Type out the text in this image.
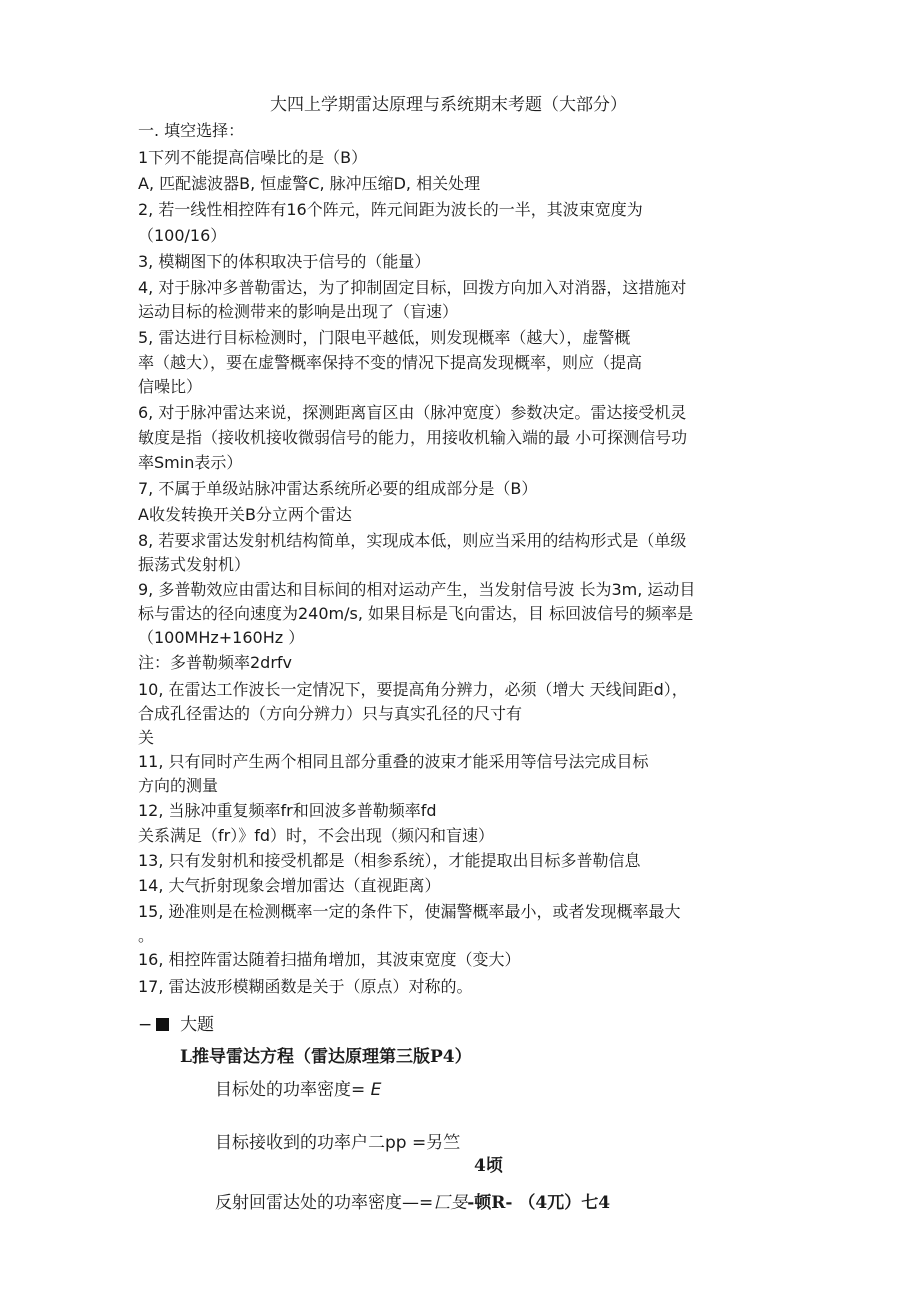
大四上学期雷达原理与系统期末考题（大部分）
一. 填空选择：
1下列不能提高信噪比的是（B）
A, 匹配滤波器B, 恒虚警C, 脉冲压缩D, 相关处理
2, 若一线性相控阵有16个阵元，阵元间距为波长的一半，其波束宽度为
（100/16）
3, 模糊图下的体积取决于信号的（能量）
4, 对于脉冲多普勒雷达，为了抑制固定目标，回拨方向加入对消器，这措施对
运动目标的检测带来的影响是出现了（盲速）
5, 雷达进行目标检测时，门限电平越低，则发现概率（越大），虚警概
率（越大），要在虚警概率保持不变的情况下提高发现概率，则应（提高
信噪比）
6, 对于脉冲雷达来说，探测距离盲区由（脉冲宽度）参数决定。雷达接受机灵
敏度是指（接收机接收微弱信号的能力，用接收机输入端的最 小可探测信号功
率Smin表示）
7, 不属于单级站脉冲雷达系统所必要的组成部分是（B）
A收发转换开关B分立两个雷达
8, 若要求雷达发射机结构简单，实现成本低，则应当采用的结构形式是（单级
振荡式发射机）
9, 多普勒效应由雷达和目标间的相对运动产生，当发射信号波 长为3m, 运动目
标与雷达的径向速度为240m/s, 如果目标是飞向雷达，目 标回波信号的频率是
（100MHz+160Hz ）
注：多普勒频率2drfv
10, 在雷达工作波长一定情况下，要提高角分辨力，必须（增大 天线间距d），
合成孔径雷达的（方向分辨力）只与真实孔径的尺寸有
关
11, 只有同时产生两个相同且部分重叠的波束才能采用等信号法完成目标
方向的测量
12, 当脉冲重复频率fr和回波多普勒频率fd
关系满足（fr）》fd）时，不会出现（频闪和盲速）
13, 只有发射机和接受机都是（相参系统），才能提取出目标多普勒信息
14, 大气折射现象会增加雷达（直视距离）
15, 逊准则是在检测概率一定的条件下，使漏警概率最小，或者发现概率最大
。
16, 相控阵雷达随着扫描角增加，其波束宽度（变大）
17, 雷达波形模糊函数是关于（原点）对称的。
− 大题
L推导雷达方程（雷达原理第三版P4）
目标处的功率密度= E
目标接收到的功率户二pp =另竺
4顷
反射回雷达处的功率密度—=匸旻-顿R- （4兀）七4
